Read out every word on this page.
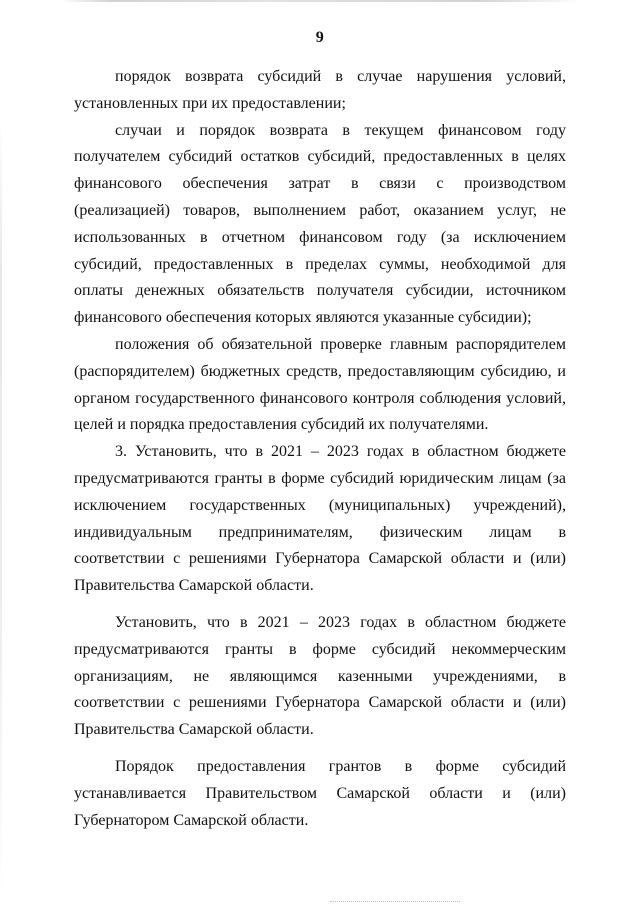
9

порядок возврата субсидий в случае нарушения условий, установленных при их предоставлении;

случаи и порядок возврата в текущем финансовом году получателем субсидий остатков субсидий, предоставленных в целях финансового обеспечения затрат в связи с производством (реализацией) товаров, выполнением работ, оказанием услуг, не использованных в отчетном финансовом году (за исключением субсидий, предоставленных в пределах суммы, необходимой для оплаты денежных обязательств получателя субсидии, источником финансового обеспечения которых являются указанные субсидии);

положения об обязательной проверке главным распорядителем (распорядителем) бюджетных средств, предоставляющим субсидию, и органом государственного финансового контроля соблюдения условий, целей и порядка предоставления субсидий их получателями.

3. Установить, что в 2021 – 2023 годах в областном бюджете предусматриваются гранты в форме субсидий юридическим лицам (за исключением государственных (муниципальных) учреждений), индивидуальным предпринимателям, физическим лицам в соответствии с решениями Губернатора Самарской области и (или) Правительства Самарской области.

Установить, что в 2021 – 2023 годах в областном бюджете предусматриваются гранты в форме субсидий некоммерческим организациям, не являющимся казенными учреждениями, в соответствии с решениями Губернатора Самарской области и (или) Правительства Самарской области.

Порядок предоставления грантов в форме субсидий устанавливается Правительством Самарской области и (или) Губернатором Самарской области.
